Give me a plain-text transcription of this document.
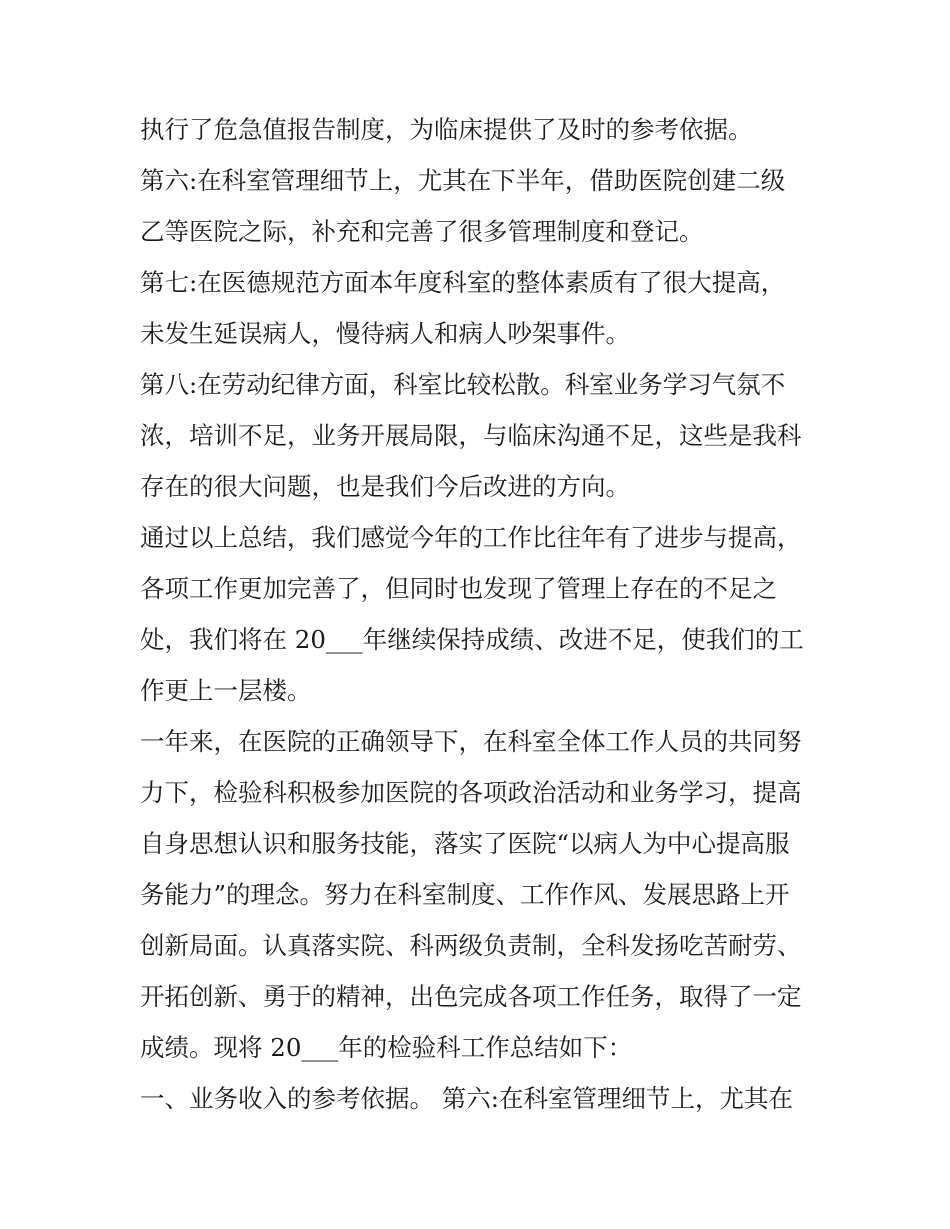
执行了危急值报告制度，为临床提供了及时的参考依据。
第六:在科室管理细节上，尤其在下半年，借助医院创建二级
乙等医院之际，补充和完善了很多管理制度和登记。
第七:在医德规范方面本年度科室的整体素质有了很大提高，
未发生延误病人，慢待病人和病人吵架事件。
第八:在劳动纪律方面，科室比较松散。科室业务学习气氛不
浓，培训不足，业务开展局限，与临床沟通不足，这些是我科
存在的很大问题，也是我们今后改进的方向。
通过以上总结，我们感觉今年的工作比往年有了进步与提高，
各项工作更加完善了，但同时也发现了管理上存在的不足之
处，我们将在 20___年继续保持成绩、改进不足，使我们的工
作更上一层楼。
一年来，在医院的正确领导下，在科室全体工作人员的共同努
力下，检验科积极参加医院的各项政治活动和业务学习，提高
自身思想认识和服务技能，落实了医院“以病人为中心提高服
务能力”的理念。努力在科室制度、工作作风、发展思路上开
创新局面。认真落实院、科两级负责制，全科发扬吃苦耐劳、
开拓创新、勇于的精神，出色完成各项工作任务，取得了一定
成绩。现将 20___年的检验科工作总结如下：
一、业务收入的参考依据。 第六:在科室管理细节上，尤其在
